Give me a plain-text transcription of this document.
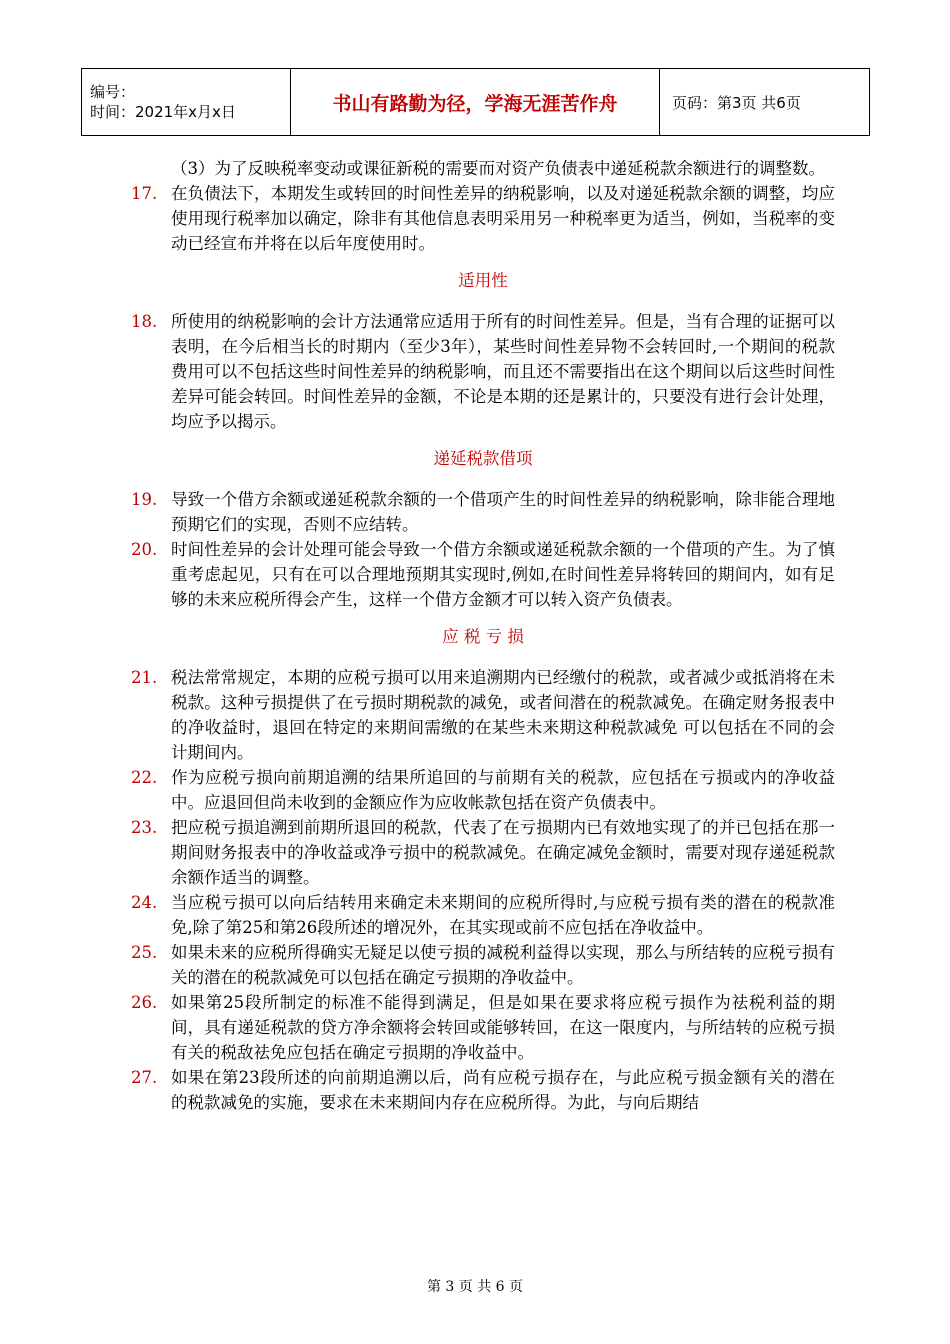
编号：
时间：2021年x月x日	书山有路勤为径，学海无涯苦作舟	页码：第3页 共6页

（3）为了反映税率变动或课征新税的需要而对资产负债表中递延税款余额进行的调整数。

17. 在负债法下，本期发生或转回的时间性差异的纳税影响，以及对递延税款余额的调整，均应使用现行税率加以确定，除非有其他信息表明采用另一种税率更为适当，例如，当税率的变动已经宣布并将在以后年度使用时。

适用性

18. 所使用的纳税影响的会计方法通常应适用于所有的时间性差异。但是，当有合理的证据可以表明，在今后相当长的时期内（至少3年），某些时间性差异物不会转回时,一个期间的税款费用可以不包括这些时间性差异的纳税影响，而且还不需要指出在这个期间以后这些时间性差异可能会转回。时间性差异的金额，不论是本期的还是累计的，只要没有进行会计处理，均应予以揭示。

递延税款借项

19. 导致一个借方余额或递延税款余额的一个借项产生的时间性差异的纳税影响，除非能合理地预期它们的实现，否则不应结转。

20. 时间性差异的会计处理可能会导致一个借方余额或递延税款余额的一个借项的产生。为了慎重考虑起见，只有在可以合理地预期其实现时,例如,在时间性差异将转回的期间内，如有足够的未来应税所得会产生，这样一个借方金额才可以转入资产负债表。

应 税 亏 损

21. 税法常常规定，本期的应税亏损可以用来追溯期内已经缴付的税款，或者减少或抵消将在未税款。这种亏损提供了在亏损时期税款的减免，或者间潜在的税款减免。在确定财务报表中的净收益时，退回在特定的来期间需缴的在某些未来期这种税款减免 可以包括在不同的会计期间内。

22. 作为应税亏损向前期追溯的结果所追回的与前期有关的税款，应包括在亏损或内的净收益中。应退回但尚未收到的金额应作为应收帐款包括在资产负债表中。

23. 把应税亏损追溯到前期所退回的税款，代表了在亏损期内已有效地实现了的并已包括在那一期间财务报表中的净收益或净亏损中的税款减免。在确定减免金额时，需要对现存递延税款余额作适当的调整。

24. 当应税亏损可以向后结转用来确定未来期间的应税所得时,与应税亏损有类的潜在的税款准免,除了第25和第26段所述的增况外，在其实现或前不应包括在净收益中。

25. 如果未来的应税所得确实无疑足以使亏损的减税利益得以实现，那么与所结转的应税亏损有关的潜在的税款减免可以包括在确定亏损期的净收益中。

26. 如果第25段所制定的标准不能得到满足，但是如果在要求将应税亏损作为祛税利益的期间，具有递延税款的贷方净余额将会转回或能够转回，在这一限度内，与所结转的应税亏损有关的税敌祛免应包括在确定亏损期的净收益中。

27. 如果在第23段所述的向前期追溯以后，尚有应税亏损存在，与此应税亏损金额有关的潜在的税款减免的实施，要求在未来期间内存在应税所得。为此，与向后期结

第 3 页 共 6 页
